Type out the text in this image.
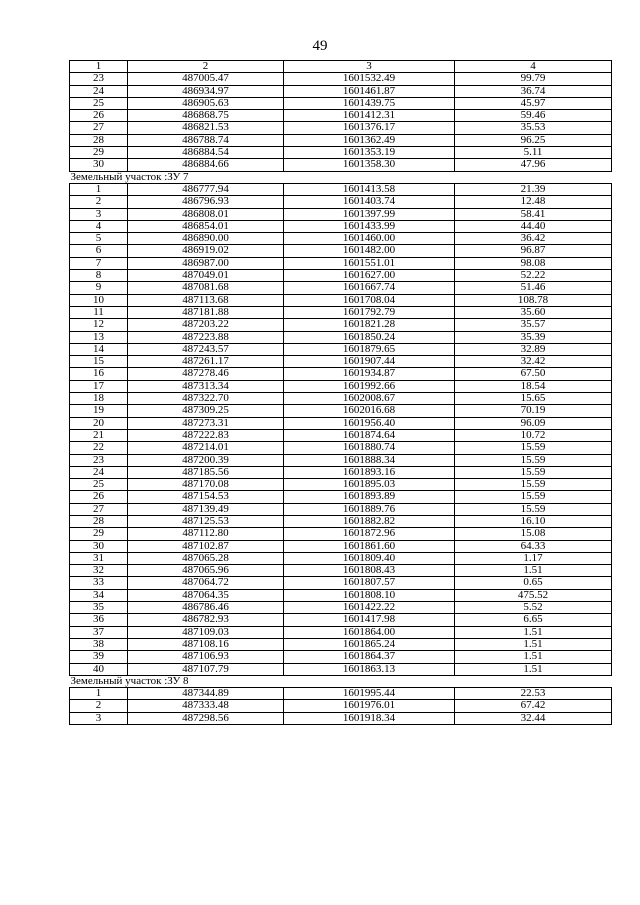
49
1	2	3	4
23	487005.47	1601532.49	99.79
24	486934.97	1601461.87	36.74
25	486905.63	1601439.75	45.97
26	486868.75	1601412.31	59.46
27	486821.53	1601376.17	35.53
28	486788.74	1601362.49	96.25
29	486884.54	1601353.19	5.11
30	486884.66	1601358.30	47.96
Земельный участок :ЗУ 7			
1	486777.94	1601413.58	21.39
2	486796.93	1601403.74	12.48
3	486808.01	1601397.99	58.41
4	486854.01	1601433.99	44.40
5	486890.00	1601460.00	36.42
6	486919.02	1601482.00	96.87
7	486987.00	1601551.01	98.08
8	487049.01	1601627.00	52.22
9	487081.68	1601667.74	51.46
10	487113.68	1601708.04	108.78
11	487181.88	1601792.79	35.60
12	487203.22	1601821.28	35.57
13	487223.88	1601850.24	35.39
14	487243.57	1601879.65	32.89
15	487261.17	1601907.44	32.42
16	487278.46	1601934.87	67.50
17	487313.34	1601992.66	18.54
18	487322.70	1602008.67	15.65
19	487309.25	1602016.68	70.19
20	487273.31	1601956.40	96.09
21	487222.83	1601874.64	10.72
22	487214.01	1601880.74	15.59
23	487200.39	1601888.34	15.59
24	487185.56	1601893.16	15.59
25	487170.08	1601895.03	15.59
26	487154.53	1601893.89	15.59
27	487139.49	1601889.76	15.59
28	487125.53	1601882.82	16.10
29	487112.80	1601872.96	15.08
30	487102.87	1601861.60	64.33
31	487065.28	1601809.40	1.17
32	487065.96	1601808.43	1.51
33	487064.72	1601807.57	0.65
34	487064.35	1601808.10	475.52
35	486786.46	1601422.22	5.52
36	486782.93	1601417.98	6.65
37	487109.03	1601864.00	1.51
38	487108.16	1601865.24	1.51
39	487106.93	1601864.37	1.51
40	487107.79	1601863.13	1.51
Земельный участок :ЗУ 8			
1	487344.89	1601995.44	22.53
2	487333.48	1601976.01	67.42
3	487298.56	1601918.34	32.44
